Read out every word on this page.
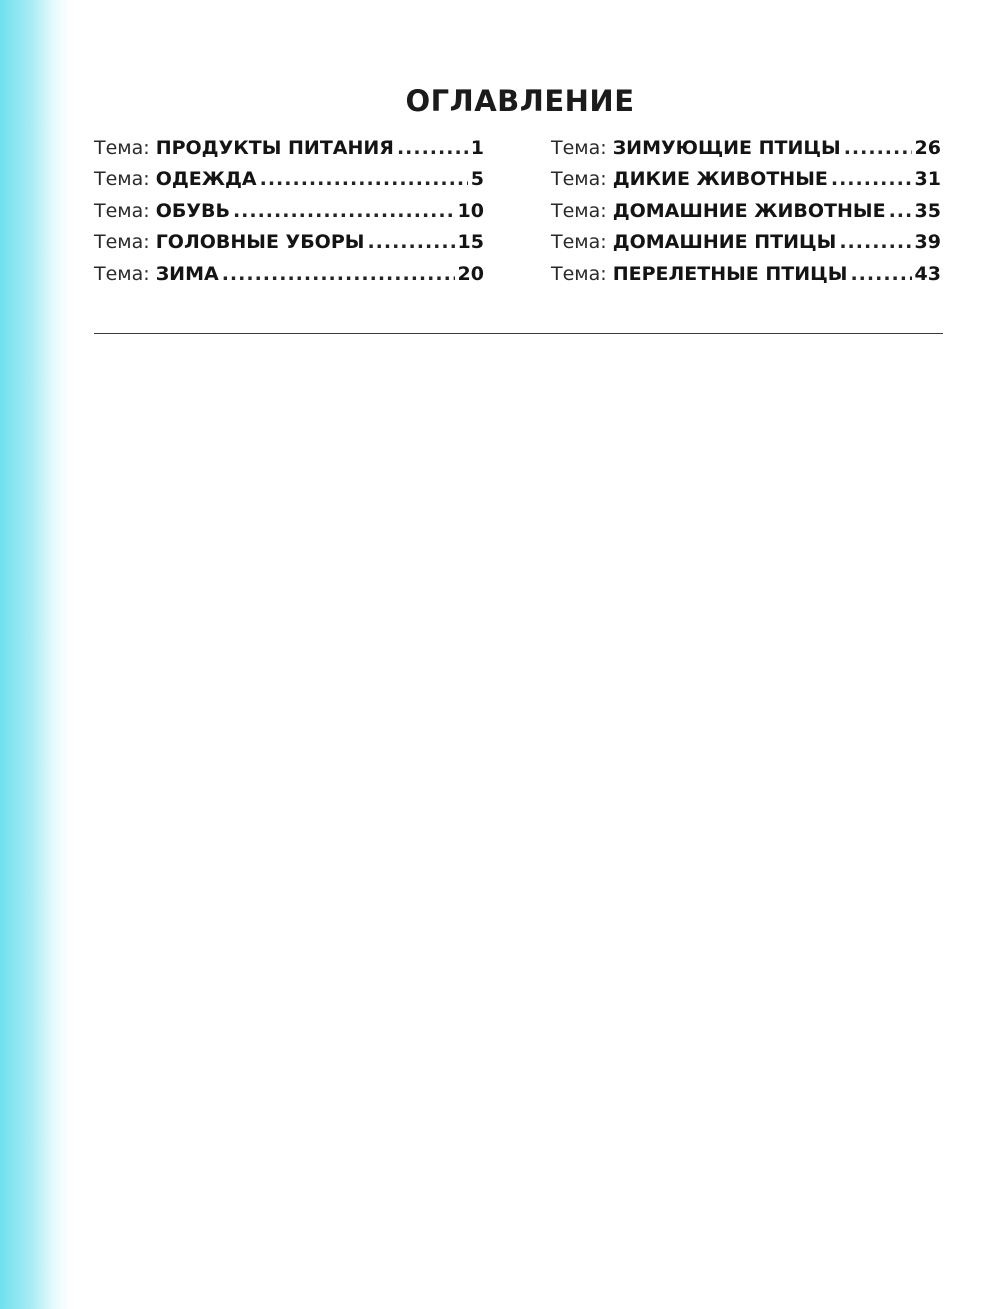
ОГЛАВЛЕНИЕ
Тема: ПРОДУКТЫ ПИТАНИЯ .....	1
Тема: ОДЕЖДА .....	5
Тема: ОБУВЬ .....	10
Тема: ГОЛОВНЫЕ УБОРЫ .....	15
Тема: ЗИМА .....	20
Тема: ЗИМУЮЩИЕ ПТИЦЫ .....	26
Тема: ДИКИЕ ЖИВОТНЫЕ .....	31
Тема: ДОМАШНИЕ ЖИВОТНЫЕ ..... 35
Тема: ДОМАШНИЕ ПТИЦЫ .....	39
Тема: ПЕРЕЛЕТНЫЕ ПТИЦЫ .....	43
